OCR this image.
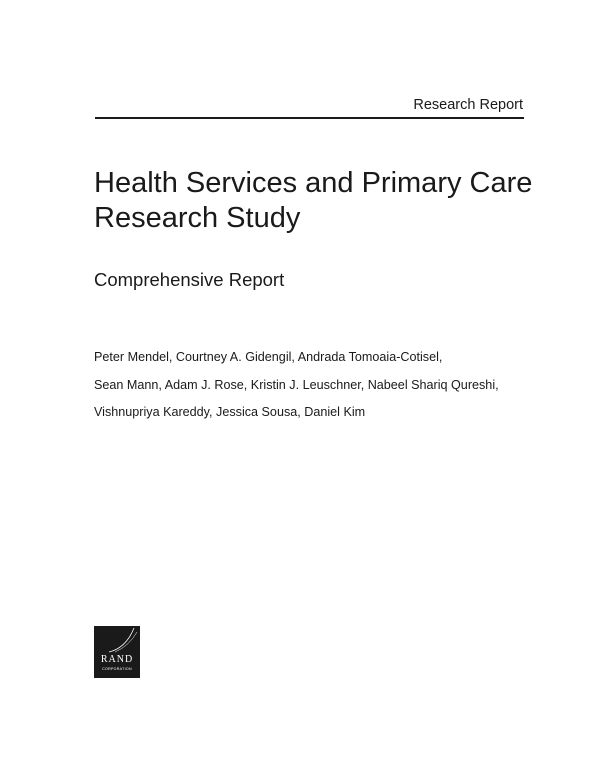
Research Report
Health Services and Primary Care
Research Study
Comprehensive Report
Peter Mendel, Courtney A. Gidengil, Andrada Tomoaia-Cotisel,
Sean Mann, Adam J. Rose, Kristin J. Leuschner, Nabeel Shariq Qureshi,
Vishnupriya Kareddy, Jessica Sousa, Daniel Kim
RAND
CORPORATION
